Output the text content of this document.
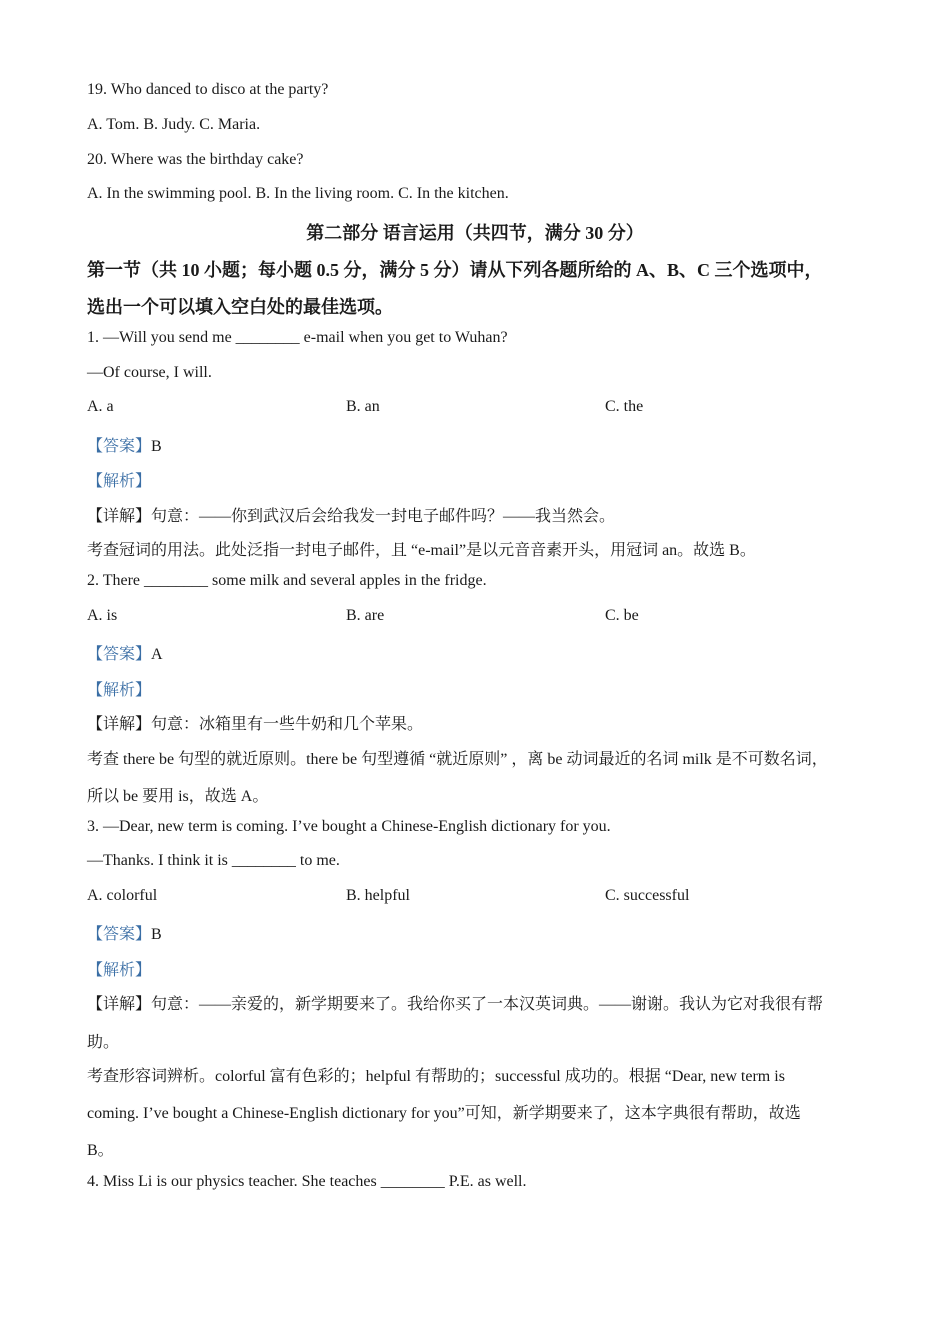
19. Who danced to disco at the party?
A. Tom. B. Judy. C. Maria.
20. Where was the birthday cake?
A. In the swimming pool. B. In the living room. C. In the kitchen.
第二部分 语言运用（共四节，满分 30 分）
第一节（共 10 小题；每小题 0.5 分，满分 5 分）请从下列各题所给的 A、B、C 三个选项中，
选出一个可以填入空白处的最佳选项。
1. —Will you send me ________ e-mail when you get to Wuhan?
—Of course, I will.
A. a	B. an	C. the
【答案】B
【解析】
【详解】句意：——你到武汉后会给我发一封电子邮件吗？——我当然会。
考查冠词的用法。此处泛指一封电子邮件，且 “e-mail”是以元音音素开头，用冠词 an。故选 B。
2. There ________ some milk and several apples in the fridge.
A. is	B. are	C. be
【答案】A
【解析】
【详解】句意：冰箱里有一些牛奶和几个苹果。
考查 there be 句型的就近原则。there be 句型遵循 “就近原则” ，离 be 动词最近的名词 milk 是不可数名词，
所以 be 要用 is，故选 A。
3. —Dear, new term is coming. I’ve bought a Chinese-English dictionary for you.
—Thanks. I think it is ________ to me.
A. colorful	B. helpful	C. successful
【答案】B
【解析】
【详解】句意：——亲爱的，新学期要来了。我给你买了一本汉英词典。——谢谢。我认为它对我很有帮
助。
考查形容词辨析。colorful 富有色彩的；helpful 有帮助的；successful 成功的。根据 “Dear, new term is
coming. I’ve bought a Chinese-English dictionary for you”可知，新学期要来了，这本字典很有帮助，故选
B。
4. Miss Li is our physics teacher. She teaches ________ P.E. as well.
